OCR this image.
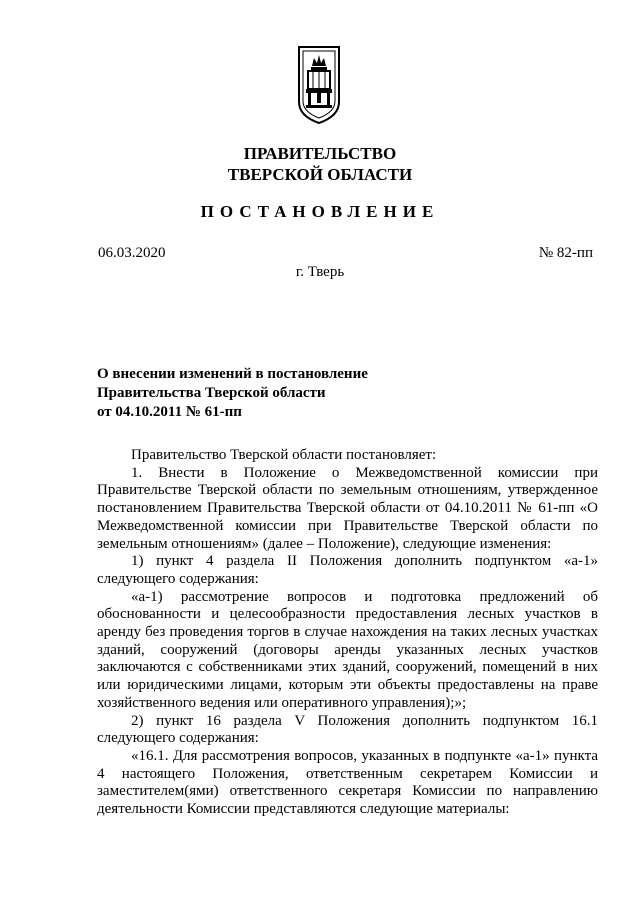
ПРАВИТЕЛЬСТВО
ТВЕРСКОЙ ОБЛАСТИ
ПОСТАНОВЛЕНИЕ
06.03.2020	№ 82-пп
г. Тверь
О внесении изменений в постановление
Правительства Тверской области
от 04.10.2011 № 61-пп

Правительство Тверской области постановляет:

1. Внести в Положение о Межведомственной комиссии при Правительстве Тверской области по земельным отношениям, утвержденное постановлением Правительства Тверской области от 04.10.2011 № 61-пп «О Межведомственной комиссии при Правительстве Тверской области по земельным отношениям» (далее – Положение), следующие изменения:

1) пункт 4 раздела II Положения дополнить подпунктом «а-1» следующего содержания:

«а-1) рассмотрение вопросов и подготовка предложений об обоснованности и целесообразности предоставления лесных участков в аренду без проведения торгов в случае нахождения на таких лесных участках зданий, сооружений (договоры аренды указанных лесных участков заключаются с собственниками этих зданий, сооружений, помещений в них или юридическими лицами, которым эти объекты предоставлены на праве хозяйственного ведения или оперативного управления);»;

2) пункт 16 раздела V Положения дополнить подпунктом 16.1 следующего содержания:

«16.1. Для рассмотрения вопросов, указанных в подпункте «а-1» пункта 4 настоящего Положения, ответственным секретарем Комиссии и заместителем(ями) ответственного секретаря Комиссии по направлению деятельности Комиссии представляются следующие материалы:
